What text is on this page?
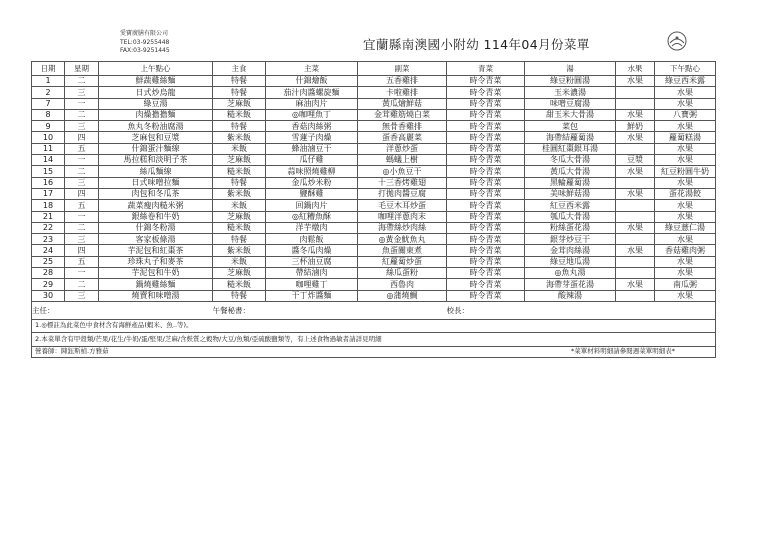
愛寶廣膳有限公司
TEL:03-9255448
FAX:03-9251445	宜蘭縣南澳國小附幼 114年04月份菜單
日期	星期	上午點心	主食	主菜	副菜	青菜	湯	水果	下午點心
1	二	鮮蔬雞絲麵	特餐	什錦燴飯	五香雞排	時令青菜	綠豆粉圓湯	水果	綠豆西米露
2	三	日式炒烏龍	特餐	茄汁肉醬螺旋麵	卡啦雞排	時令青菜	玉米濃湯		水果
7	一	綠豆湯	芝麻飯	麻油肉片	黃瓜燴鮮菇	時令青菜	味噌豆腐湯		水果
8	二	肉燥擔擔麵	糙米飯	◎咖哩魚丁	金茸雞筋燒白菜	時令青菜	甜玉米大骨湯	水果	八寶粥
9	三	魚丸冬粉油腐湯	特餐	香菇肉絲粥	無骨香雞排	時令青菜	菜包	鮮奶	水果
10	四	芝麻包和豆漿	紫米飯	雪蓮子肉燥	蛋香高麗菜	時令青菜	海帶結蘿蔔湯	水果	蘿蔔糕湯
11	五	什錦蛋汁麵線	米飯	蜂油滷豆干	洋蔥炒蛋	時令青菜	桂圓紅棗銀耳湯		水果
14	一	馬拉糕和淡明子茶	芝麻飯	瓜仔雞	螞蟻上樹	時令青菜	冬瓜大骨湯	豆漿	水果
15	二	絲瓜麵線	糙米飯	蒜味照燒雞柳	◎小魚豆干	時令青菜	黃瓜大骨湯	水果	紅豆粉圓牛奶
16	三	日式味噌拉麵	特餐	金瓜炒米粉	十三香烤雞翅	時令青菜	黑輪蘿蔔湯		水果
17	四	肉包和冬瓜茶	紫米飯	鹽酥雞	打拋肉醬豆腐	時令青菜	美味鮮菇湯	水果	蛋花湯餃
18	五	蔬菜瘦肉糙米粥	米飯	回鍋肉片	毛豆木耳炒蛋	時令青菜	紅豆西米露		水果
21	一	銀絲卷和牛奶	芝麻飯	◎紅糟魚酥	咖哩洋蔥肉末	時令青菜	瓠瓜大骨湯		水果
22	二	什錦冬粉湯	糙米飯	洋芋燉肉	海帶絲炒肉絲	時令青菜	粉絲蛋花湯	水果	綠豆薏仁湯
23	三	客家板條湯	特餐	肉鬆飯	◎黃金魷魚丸	時令青菜	銀芽炒豆干		水果
24	四	芋泥包和紅棗茶	紫米飯	醬冬瓜肉燥	魚蛋關東煮	時令青菜	金茸肉絲湯	水果	香菇雞肉粥
25	五	珍珠丸子和麥茶	米飯	三杯油豆腐	紅蘿蔔炒蛋	時令青菜	綠豆地瓜湯		水果
28	一	芋泥包和牛奶	芝麻飯	帶結滷肉	絲瓜蛋粉	時令青菜	◎魚丸湯		水果
29	二	鍋燒雞絲麵	糙米飯	咖哩雞丁	西魯肉	時令青菜	海帶芽蛋花湯	水果	南瓜粥
30	三	燒賣和味噌湯	特餐	干丁炸醬麵	◎蒲燒鯛	時令青菜	酸辣湯		水果
主任：			午餐秘書：			校長：			
1.◎標註為此菜色中食材含有海鮮產品(蝦米、魚..等)。									
2.本菜單含有甲殼類/芒果/花生/牛奶/蛋/堅果/芝麻/含麩質之穀物/大豆/魚類/亞硫酸鹽類等，有上述食物過敏者請詳見明細									
營養師：陳鈺斯楨.方雅茹 *菜單材料明細請參閱週菜單明細表*									
